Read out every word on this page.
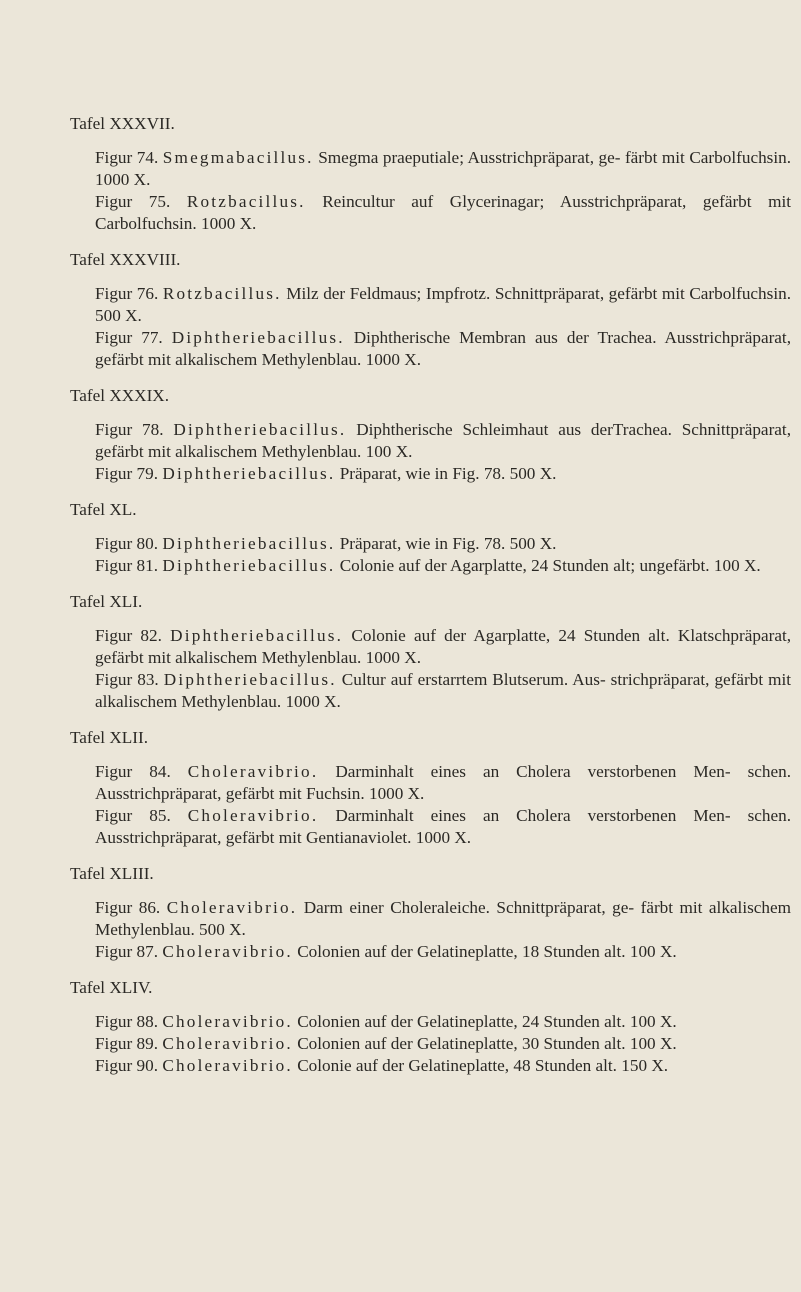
Tafel XXXVII.

Figur 74. Smegmabacillus. Smegma praeputiale; Ausstrichpräparat, ge- färbt mit Carbolfuchsin. 1000 X.

Figur 75. Rotzbacillus. Reincultur auf Glycerinagar; Ausstrichpräparat, gefärbt mit Carbolfuchsin. 1000 X.

Tafel XXXVIII.

Figur 76. Rotzbacillus. Milz der Feldmaus; Impfrotz. Schnittpräparat, gefärbt mit Carbolfuchsin. 500 X.

Figur 77. Diphtheriebacillus. Diphtherische Membran aus der Trachea. Ausstrichpräparat, gefärbt mit alkalischem Methylenblau. 1000 X.

Tafel XXXIX.

Figur 78. Diphtheriebacillus. Diphtherische Schleimhaut aus derTrachea. Schnittpräparat, gefärbt mit alkalischem Methylenblau. 100 X.

Figur 79. Diphtheriebacillus. Präparat, wie in Fig. 78. 500 X.

Tafel XL.

Figur 80. Diphtheriebacillus. Präparat, wie in Fig. 78. 500 X.

Figur 81. Diphtheriebacillus. Colonie auf der Agarplatte, 24 Stunden alt; ungefärbt. 100 X.

Tafel XLI.

Figur 82. Diphtheriebacillus. Colonie auf der Agarplatte, 24 Stunden alt. Klatschpräparat, gefärbt mit alkalischem Methylenblau. 1000 X.

Figur 83. Diphtheriebacillus. Cultur auf erstarrtem Blutserum. Aus- strichpräparat, gefärbt mit alkalischem Methylenblau. 1000 X.

Tafel XLII.

Figur 84. Choleravibrio. Darminhalt eines an Cholera verstorbenen Men- schen. Ausstrichpräparat, gefärbt mit Fuchsin. 1000 X.

Figur 85. Choleravibrio. Darminhalt eines an Cholera verstorbenen Men- schen. Ausstrichpräparat, gefärbt mit Gentianaviolet. 1000 X.

Tafel XLIII.

Figur 86. Choleravibrio. Darm einer Choleraleiche. Schnittpräparat, ge- färbt mit alkalischem Methylenblau. 500 X.

Figur 87. Choleravibrio. Colonien auf der Gelatineplatte, 18 Stunden alt. 100 X.

Tafel XLIV.

Figur 88. Choleravibrio. Colonien auf der Gelatineplatte, 24 Stunden alt. 100 X.

Figur 89. Choleravibrio. Colonien auf der Gelatineplatte, 30 Stunden alt. 100 X.

Figur 90. Choleravibrio. Colonie auf der Gelatineplatte, 48 Stunden alt. 150 X.
